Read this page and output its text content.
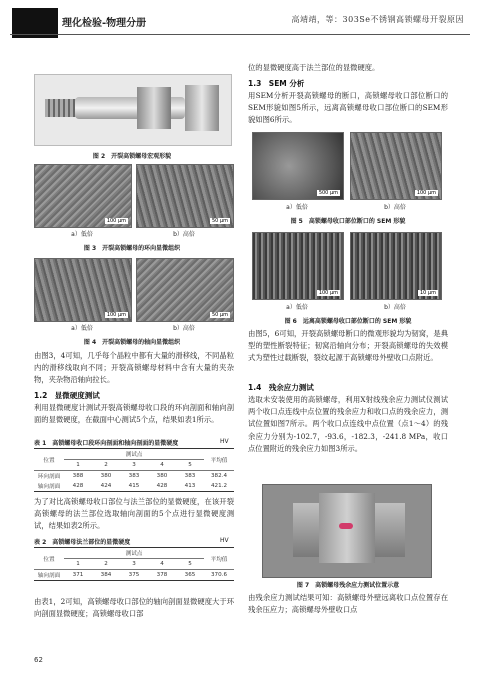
理化检验-物理分册	高靖靖，等：303Se不锈钢高锁螺母开裂原因
图 2　开裂高锁螺母宏观形貌
100 μm	50 μm
a）低倍	b）高倍
图 3　开裂高锁螺母的环向显微组织
100 μm	50 μm
a）低倍	b）高倍
图 4　开裂高锁螺母的轴向显微组织
由图3，4可知，几乎每个晶粒中都有大量的滑移线，不同晶粒内的滑移线取向不同；开裂高锁螺母材料中含有大量的夹杂物，夹杂物沿轴向拉长。
1.2　显微硬度测试
利用显微硬度计测试开裂高锁螺母收口段的环向剖面和轴向剖面的显微硬度，在截面中心测试5个点，结果如表1所示。
表 1　高锁螺母收口段环向剖面和轴向剖面的显微硬度	HV
位置	测试点					平均值
	1	2	3	4	5	
环向剖面	388	380	383	380	383	382.4
轴向剖面	428	424	415	428	413	421.2
为了对比高锁螺母收口部位与法兰部位的显微硬度，在该开裂高锁螺母的法兰部位选取轴向剖面的5个点进行显微硬度测试，结果如表2所示。
表 2　高锁螺母法兰部位的显微硬度	HV
位置	测试点					平均值
	1	2	3	4	5	
轴向剖面	371	384	375	378	365	370.6
由表1，2可知，高锁螺母收口部位的轴向剖面显微硬度大于环向剖面显微硬度；高锁螺母收口部
62
位的显微硬度高于法兰部位的显微硬度。
1.3　SEM 分析
用SEM分析开裂高锁螺母的断口，高锁螺母收口部位断口的SEM形貌如图5所示，远离高锁螺母收口部位断口的SEM形貌如图6所示。
500 μm	100 μm
a）低倍	b）高倍
图 5　高锁螺母收口部位断口的 SEM 形貌
100 μm	10 μm
a）低倍	b）高倍
图 6　远离高锁螺母收口部位断口的 SEM 形貌
由图5，6可知，开裂高锁螺母断口的微观形貌均为韧窝，是典型的塑性断裂特征；韧窝沿轴向分布；开裂高锁螺母的失效模式为塑性过载断裂，裂纹起源于高锁螺母外壁收口点附近。
1.4　残余应力测试
选取未安装使用的高锁螺母，利用X射线残余应力测试仪测试两个收口点连线中点位置的残余应力和收口点的残余应力，测试位置如图7所示。两个收口点连线中点位置（点1～4）的残余应力分别为-102.7，-93.6，-182.3，-241.8 MPa，收口点位置附近的残余应力如图3所示。
图 7　高锁螺母残余应力测试位置示意
由残余应力测试结果可知：高锁螺母外壁远离收口点位置存在残余压应力；高锁螺母外壁收口点
